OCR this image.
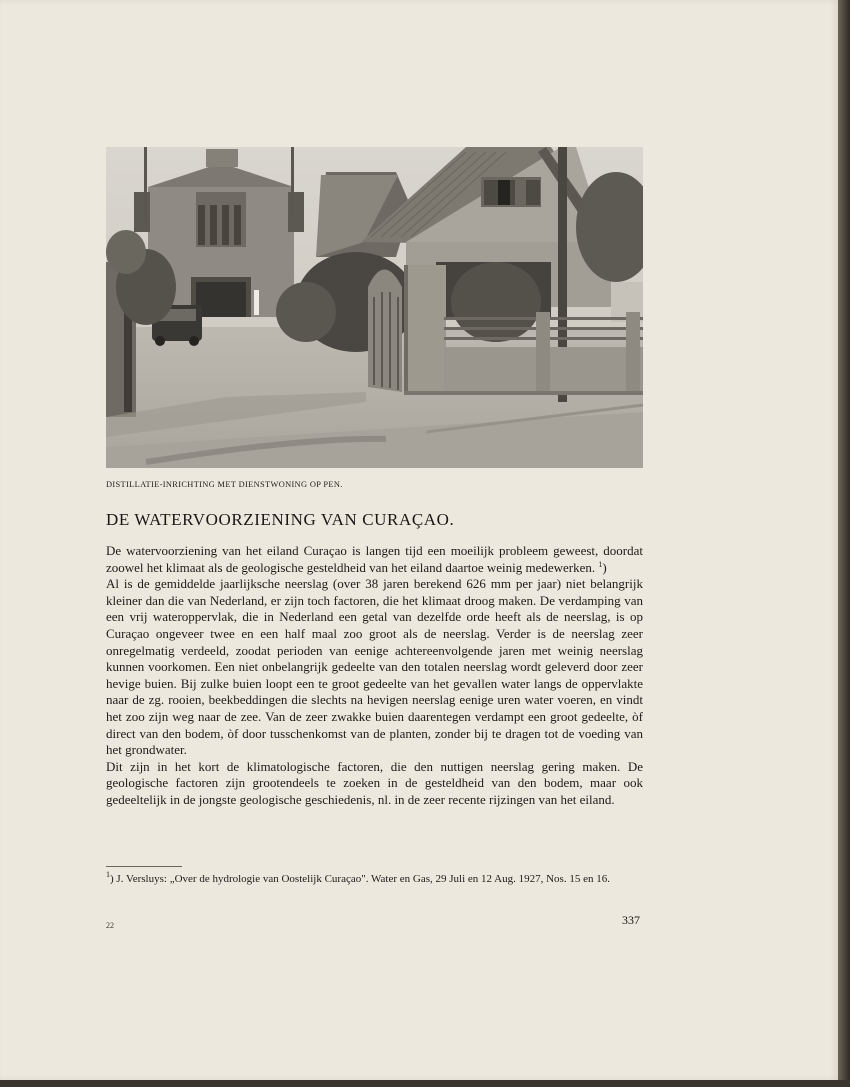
DISTILLATIE-INRICHTING MET DIENSTWONING OP PEN.
DE WATERVOORZIENING VAN CURAÇAO.

De watervoorziening van het eiland Curaçao is langen tijd een moeilijk probleem geweest, doordat zoowel het klimaat als de geologische gesteldheid van het eiland daartoe weinig medewerken. $^1$)

Al is de gemiddelde jaarlijksche neerslag (over 38 jaren berekend 626 mm per jaar) niet belangrijk kleiner dan die van Nederland, er zijn toch factoren, die het klimaat droog maken. De verdamping van een vrij wateroppervlak, die in Nederland een getal van dezelfde orde heeft als de neerslag, is op Curaçao ongeveer twee en een half maal zoo groot als de neerslag. Verder is de neerslag zeer onregelmatig verdeeld, zoodat perioden van eenige achtereenvolgende jaren met weinig neerslag kunnen voorkomen. Een niet onbelangrijk gedeelte van den totalen neerslag wordt geleverd door zeer hevige buien. Bij zulke buien loopt een te groot gedeelte van het gevallen water langs de oppervlakte naar de zg. rooien, beekbeddingen die slechts na hevigen neerslag eenige uren water voeren, en vindt het zoo zijn weg naar de zee. Van de zeer zwakke buien daarentegen verdampt een groot gedeelte, òf direct van den bodem, òf door tusschenkomst van de planten, zonder bij te dragen tot de voeding van het grondwater.

Dit zijn in het kort de klimatologische factoren, die den nuttigen neerslag gering maken. De geologische factoren zijn grootendeels te zoeken in de gesteldheid van den bodem, maar ook gedeeltelijk in de jongste geologische geschiedenis, nl. in de zeer recente rijzingen van het eiland.

$^1$) J. Versluys: „Over de hydrologie van Oostelijk Curaçao". Water en Gas, 29 Juli en 12 Aug. 1927, Nos. 15 en 16.

22	337
